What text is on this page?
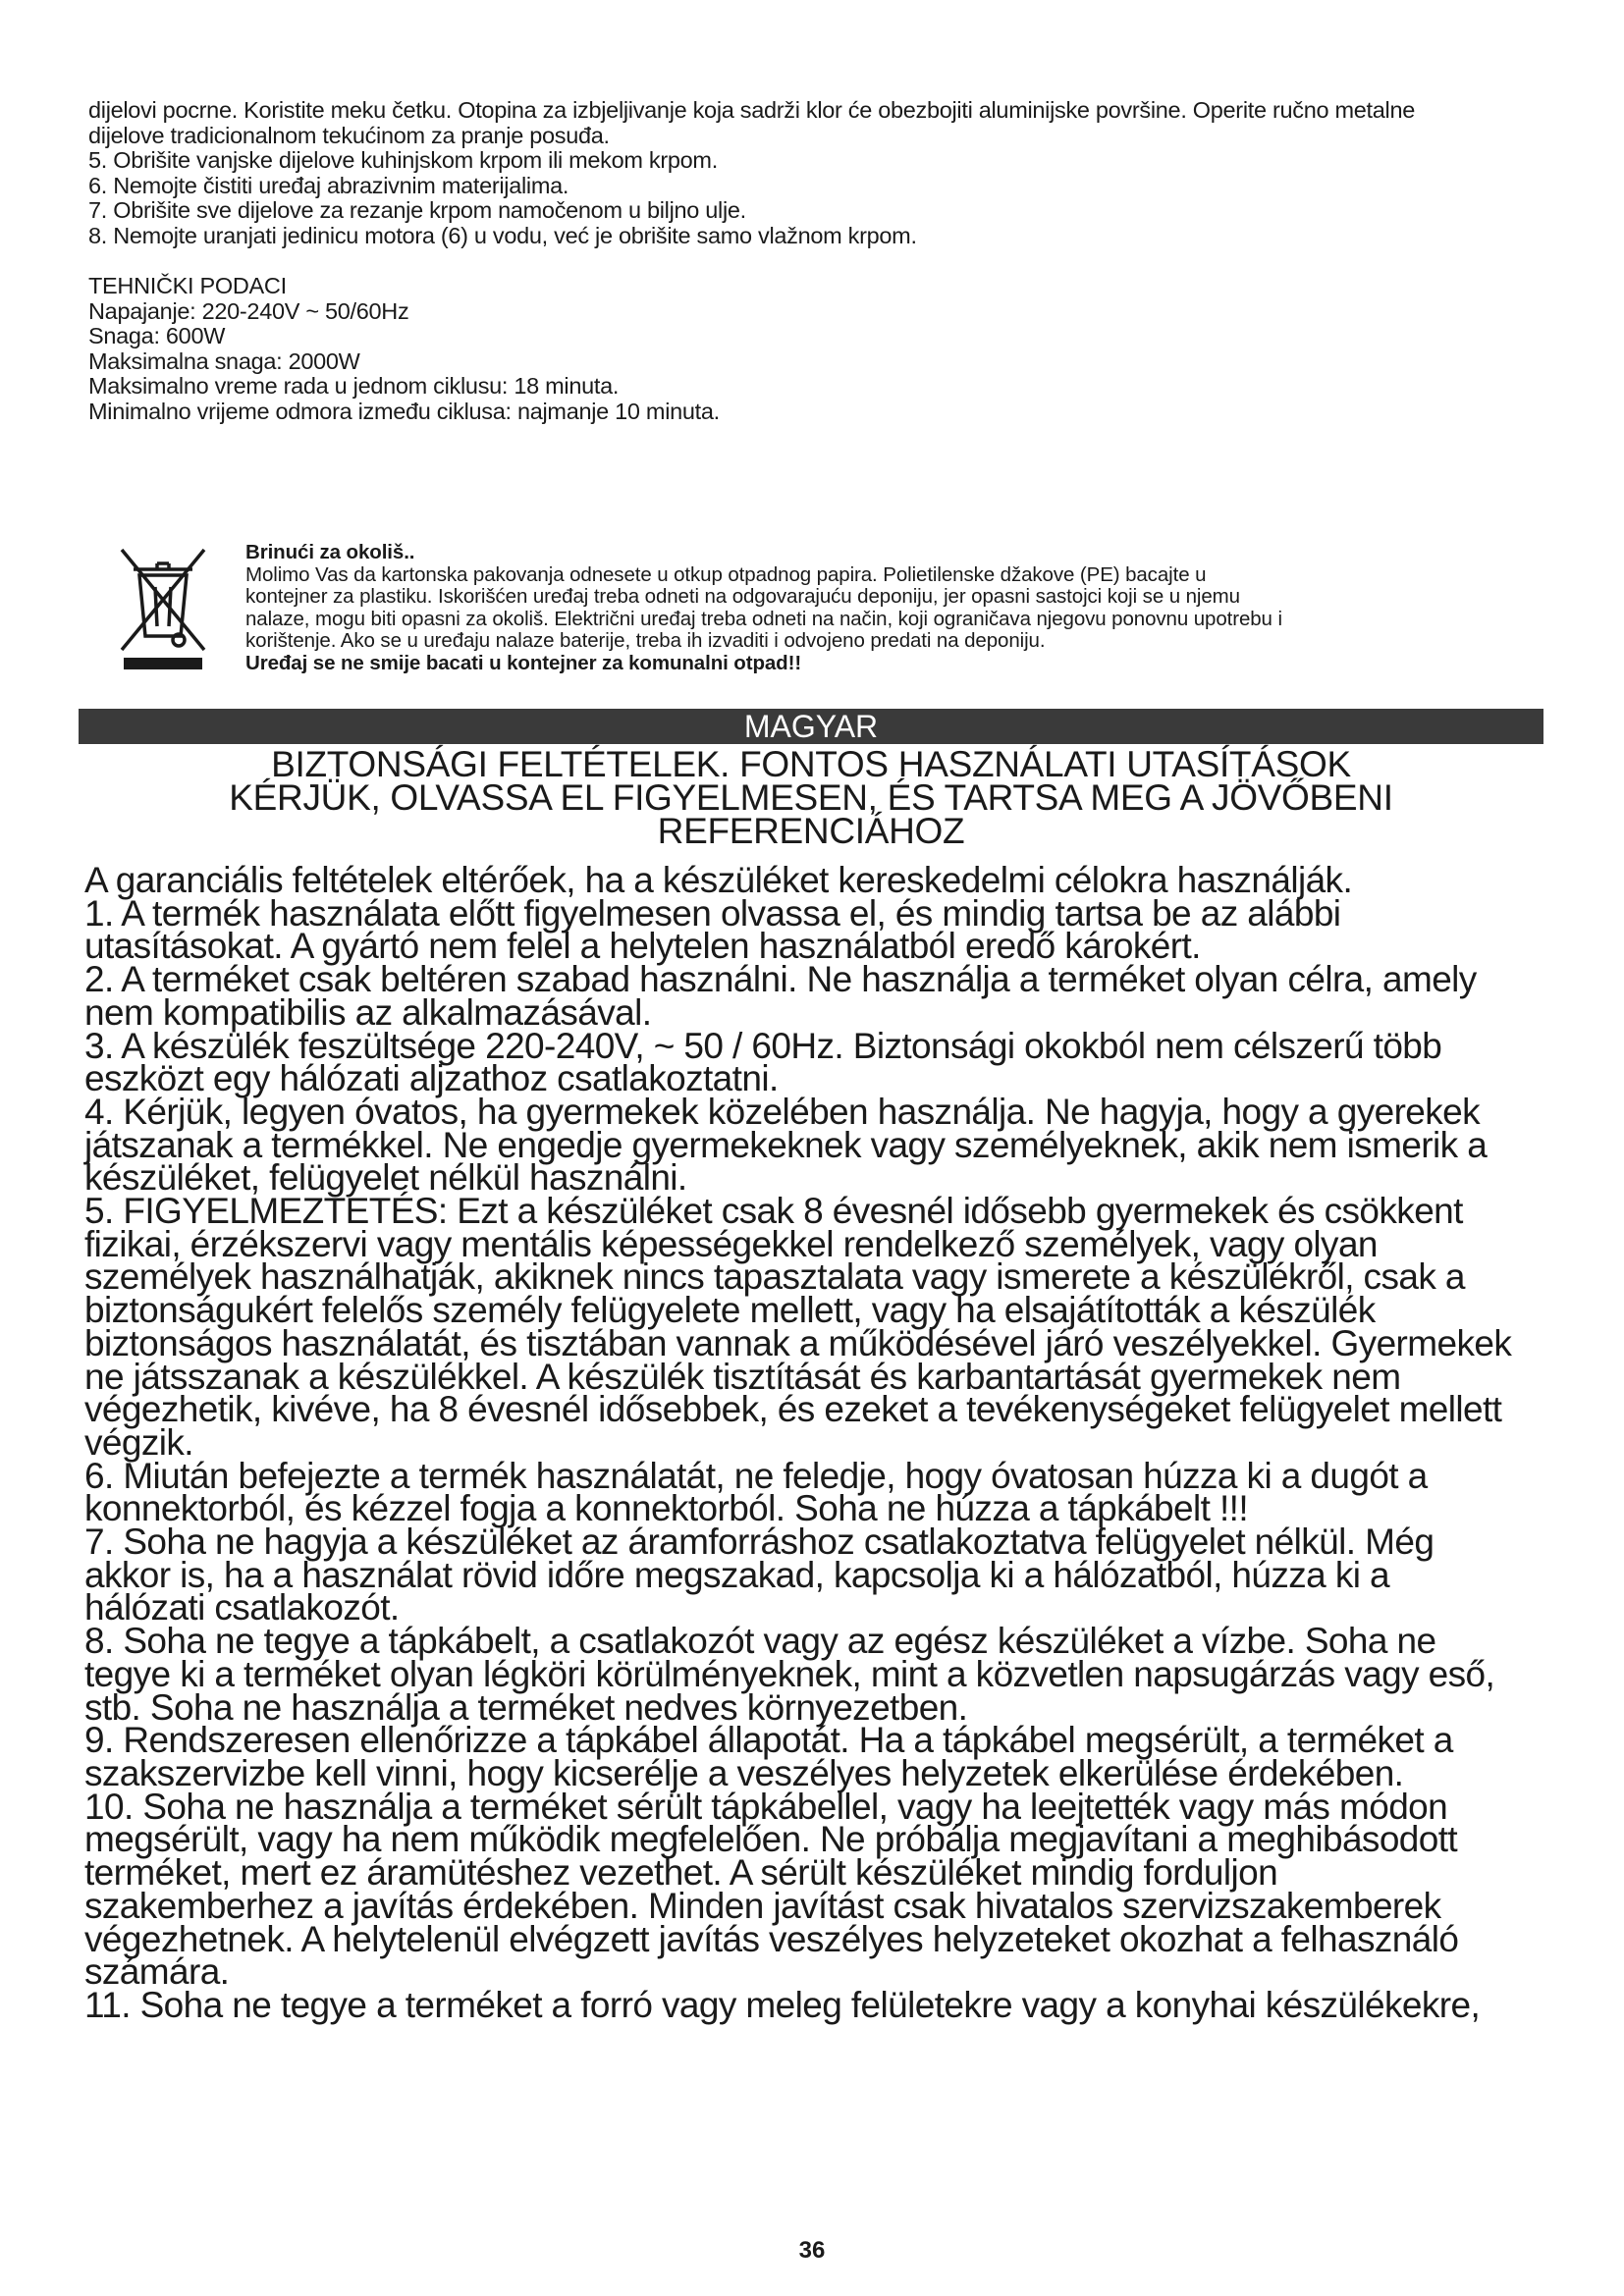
dijelovi pocrne. Koristite meku četku. Otopina za izbjeljivanje koja sadrži klor će obezbojiti aluminijske površine. Operite ručno metalne

dijelove tradicionalnom tekućinom za pranje posuđa.

5. Obrišite vanjske dijelove kuhinjskom krpom ili mekom krpom.

6. Nemojte čistiti uređaj abrazivnim materijalima.

7. Obrišite sve dijelove za rezanje krpom namočenom u biljno ulje.

8. Nemojte uranjati jedinicu motora (6) u vodu, već je obrišite samo vlažnom krpom.

TEHNIČKI PODACI

Napajanje: 220-240V ~ 50/60Hz

Snaga: 600W

Maksimalna snaga: 2000W

Maksimalno vreme rada u jednom ciklusu: 18 minuta.

Minimalno vrijeme odmora između ciklusa: najmanje 10 minuta.

Brinući za okoliš..

Molimo Vas da kartonska pakovanja odnesete u otkup otpadnog papira. Polietilenske džakove (PE) bacajte u

kontejner za plastiku. Iskorišćen uređaj treba odneti na odgovarajuću deponiju, jer opasni sastojci koji se u njemu

nalaze, mogu biti opasni za okoliš. Električni uređaj treba odneti na način, koji ograničava njegovu ponovnu upotrebu i

korištenje. Ako se u uređaju nalaze baterije, treba ih izvaditi i odvojeno predati na deponiju.

Uređaj se ne smije bacati u kontejner za komunalni otpad!!

MAGYAR

BIZTONSÁGI FELTÉTELEK. FONTOS HASZNÁLATI UTASÍTÁSOK

KÉRJÜK, OLVASSA EL FIGYELMESEN, ÉS TARTSA MEG A JÖVŐBENI

REFERENCIÁHOZ

A garanciális feltételek eltérőek, ha a készüléket kereskedelmi célokra használják.

1. A termék használata előtt figyelmesen olvassa el, és mindig tartsa be az alábbi

utasításokat. A gyártó nem felel a helytelen használatból eredő károkért.

2. A terméket csak beltéren szabad használni. Ne használja a terméket olyan célra, amely

nem kompatibilis az alkalmazásával.

3. A készülék feszültsége 220-240V, ~ 50 / 60Hz. Biztonsági okokból nem célszerű több

eszközt egy hálózati aljzathoz csatlakoztatni.

4. Kérjük, legyen óvatos, ha gyermekek közelében használja. Ne hagyja, hogy a gyerekek

játszanak a termékkel. Ne engedje gyermekeknek vagy személyeknek, akik nem ismerik a

készüléket, felügyelet nélkül használni.

5. FIGYELMEZTETÉS: Ezt a készüléket csak 8 évesnél idősebb gyermekek és csökkent

fizikai, érzékszervi vagy mentális képességekkel rendelkező személyek, vagy olyan

személyek használhatják, akiknek nincs tapasztalata vagy ismerete a készülékről, csak a

biztonságukért felelős személy felügyelete mellett, vagy ha elsajátították a készülék

biztonságos használatát, és tisztában vannak a működésével járó veszélyekkel. Gyermekek

ne játsszanak a készülékkel. A készülék tisztítását és karbantartását gyermekek nem

végezhetik, kivéve, ha 8 évesnél idősebbek, és ezeket a tevékenységeket felügyelet mellett

végzik.

6. Miután befejezte a termék használatát, ne feledje, hogy óvatosan húzza ki a dugót a

konnektorból, és kézzel fogja a konnektorból. Soha ne húzza a tápkábelt !!!

7. Soha ne hagyja a készüléket az áramforráshoz csatlakoztatva felügyelet nélkül. Még

akkor is, ha a használat rövid időre megszakad, kapcsolja ki a hálózatból, húzza ki a

hálózati csatlakozót.

8. Soha ne tegye a tápkábelt, a csatlakozót vagy az egész készüléket a vízbe. Soha ne

tegye ki a terméket olyan légköri körülményeknek, mint a közvetlen napsugárzás vagy eső,

stb. Soha ne használja a terméket nedves környezetben.

9. Rendszeresen ellenőrizze a tápkábel állapotát. Ha a tápkábel megsérült, a terméket a

szakszervizbe kell vinni, hogy kicserélje a veszélyes helyzetek elkerülése érdekében.

10. Soha ne használja a terméket sérült tápkábellel, vagy ha leejtették vagy más módon

megsérült, vagy ha nem működik megfelelően. Ne próbálja megjavítani a meghibásodott

terméket, mert ez áramütéshez vezethet. A sérült készüléket mindig forduljon

szakemberhez a javítás érdekében. Minden javítást csak hivatalos szervizszakemberek

végezhetnek. A helytelenül elvégzett javítás veszélyes helyzeteket okozhat a felhasználó

számára.

11. Soha ne tegye a terméket a forró vagy meleg felületekre vagy a konyhai készülékekre,

36
